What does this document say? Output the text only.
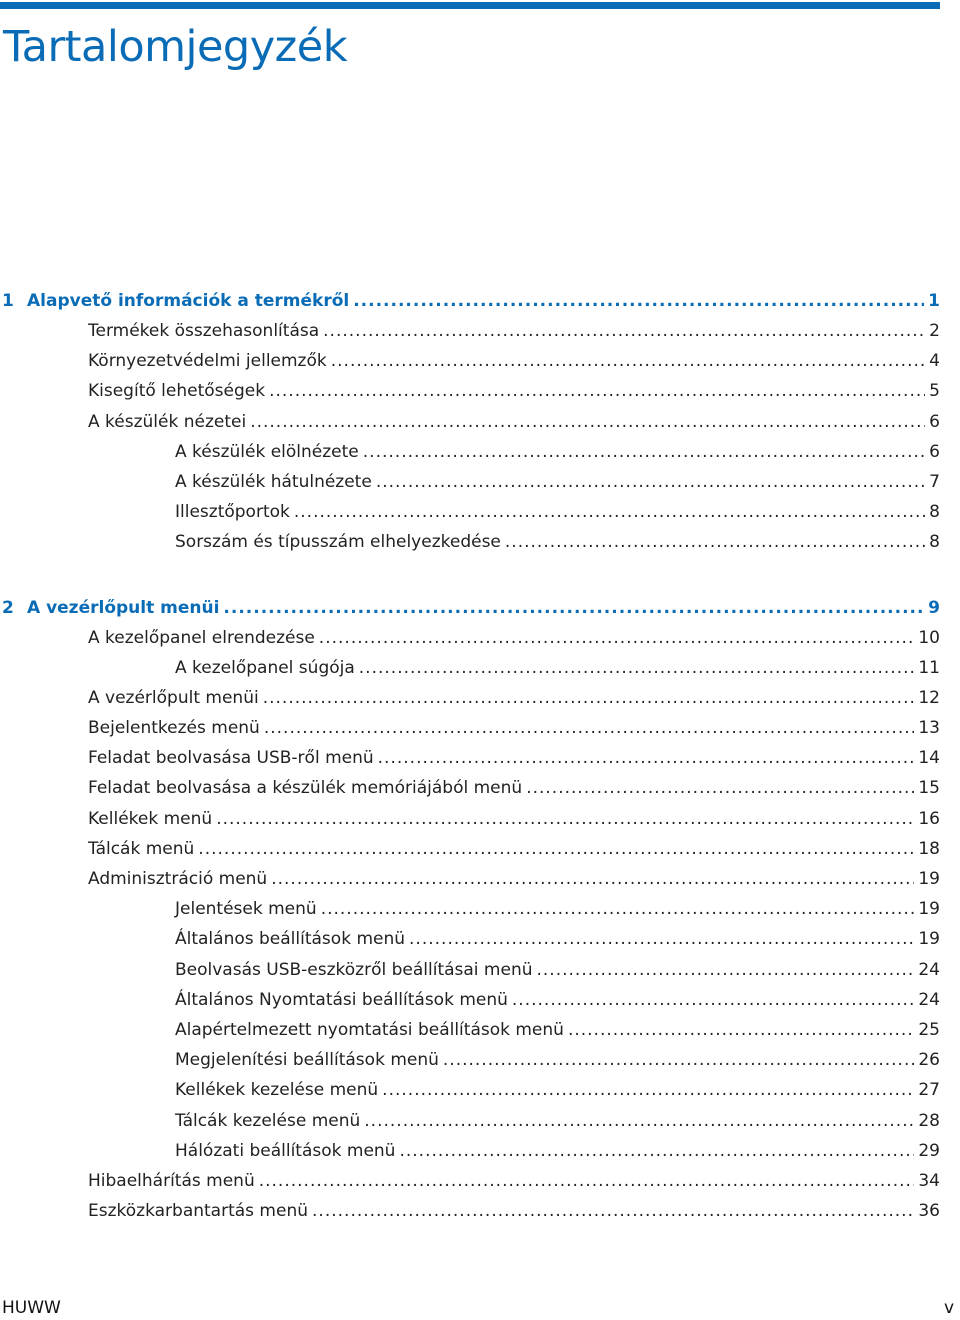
Tartalomjegyzék
1 Alapvető információk a termékről .....	1
Termékek összehasonlítása .....	2
Környezetvédelmi jellemzők .....	4
Kisegítő lehetőségek .....	5
A készülék nézetei .....	6
A készülék elölnézete .....	6
A készülék hátulnézete .....	7
Illesztőportok .....	8
Sorszám és típusszám elhelyezkedése .....	8
2 A vezérlőpult menüi .....	9
A kezelőpanel elrendezése .....	10
A kezelőpanel súgója .....	11
A vezérlőpult menüi .....	12
Bejelentkezés menü .....	13
Feladat beolvasása USB-ről menü .....	14
Feladat beolvasása a készülék memóriájából menü .....	15
Kellékek menü .....	16
Tálcák menü .....	18
Adminisztráció menü .....	19
Jelentések menü .....	19
Általános beállítások menü .....	19
Beolvasás USB-eszközről beállításai menü .....	24
Általános Nyomtatási beállítások menü .....	24
Alapértelmezett nyomtatási beállítások menü .....	25
Megjelenítési beállítások menü .....	26
Kellékek kezelése menü .....	27
Tálcák kezelése menü .....	28
Hálózati beállítások menü .....	29
Hibaelhárítás menü .....	34
Eszközkarbantartás menü .....	36
HUWW	v
